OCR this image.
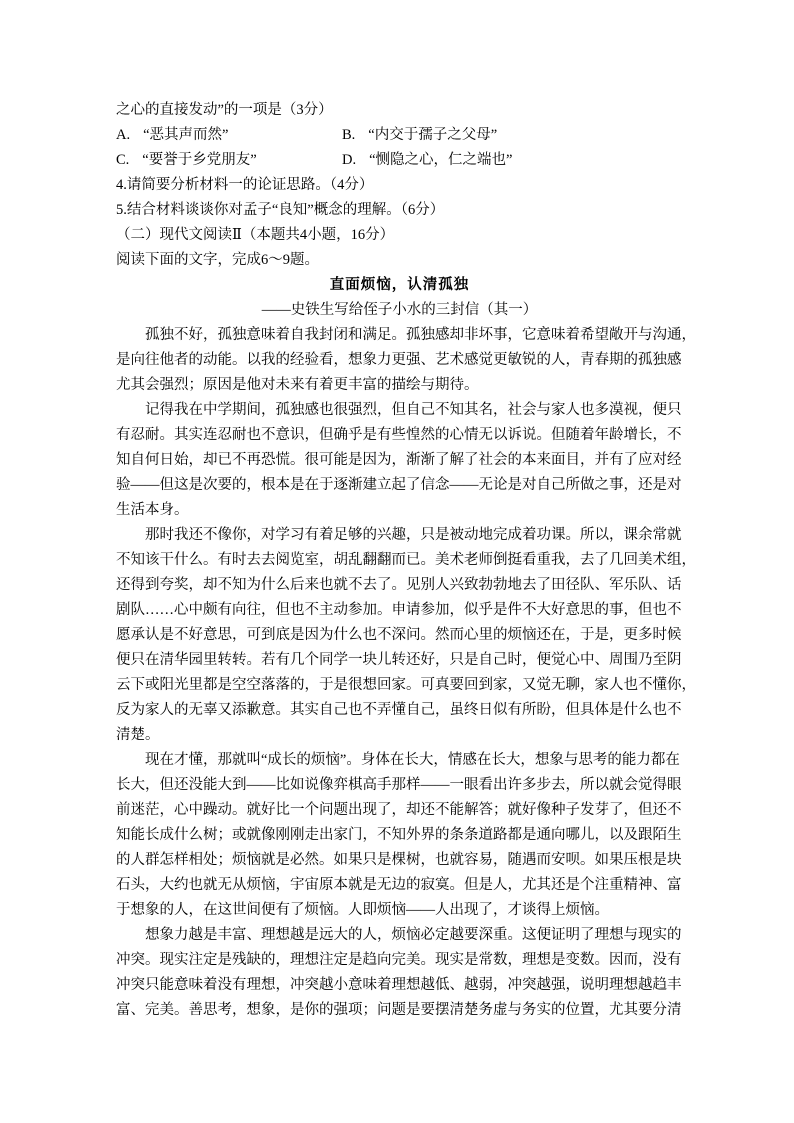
之心的直接发动”的一项是（3分）
A. “恶其声而然”	B. “内交于孺子之父母”
C. “要誉于乡党朋友”	D. “恻隐之心，仁之端也”
4.请简要分析材料一的论证思路。（4分）
5.结合材料谈谈你对孟子“良知”概念的理解。（6分）
（二）现代文阅读Ⅱ（本题共4小题，16分）
阅读下面的文字，完成6～9题。
直面烦恼，认清孤独
——史铁生写给侄子小水的三封信（其一）
孤独不好，孤独意味着自我封闭和满足。孤独感却非坏事，它意味着希望敞开与沟通，
是向往他者的动能。以我的经验看，想象力更强、艺术感觉更敏锐的人，青春期的孤独感
尤其会强烈；原因是他对未来有着更丰富的描绘与期待。
记得我在中学期间，孤独感也很强烈，但自己不知其名，社会与家人也多漠视，便只
有忍耐。其实连忍耐也不意识，但确乎是有些惶然的心情无以诉说。但随着年龄增长，不
知自何日始，却已不再恐慌。很可能是因为，渐渐了解了社会的本来面目，并有了应对经
验——但这是次要的，根本是在于逐渐建立起了信念——无论是对自己所做之事，还是对
生活本身。
那时我还不像你，对学习有着足够的兴趣，只是被动地完成着功课。所以，课余常就
不知该干什么。有时去去阅览室，胡乱翻翻而已。美术老师倒挺看重我，去了几回美术组，
还得到夸奖，却不知为什么后来也就不去了。见别人兴致勃勃地去了田径队、军乐队、话
剧队……心中颇有向往，但也不主动参加。申请参加，似乎是件不大好意思的事，但也不
愿承认是不好意思，可到底是因为什么也不深问。然而心里的烦恼还在，于是，更多时候
便只在清华园里转转。若有几个同学一块儿转还好，只是自己时，便觉心中、周围乃至阴
云下或阳光里都是空空落落的，于是很想回家。可真要回到家，又觉无聊，家人也不懂你，
反为家人的无辜又添歉意。其实自己也不弄懂自己，虽终日似有所盼，但具体是什么也不
清楚。
现在才懂，那就叫“成长的烦恼”。身体在长大，情感在长大，想象与思考的能力都在
长大，但还没能大到——比如说像弈棋高手那样——一眼看出许多步去，所以就会觉得眼
前迷茫，心中躁动。就好比一个问题出现了，却还不能解答；就好像种子发芽了，但还不
知能长成什么树；或就像刚刚走出家门，不知外界的条条道路都是通向哪儿，以及跟陌生
的人群怎样相处；烦恼就是必然。如果只是棵树，也就容易，随遇而安呗。如果压根是块
石头，大约也就无从烦恼，宇宙原本就是无边的寂寞。但是人，尤其还是个注重精神、富
于想象的人，在这世间便有了烦恼。人即烦恼——人出现了，才谈得上烦恼。
想象力越是丰富、理想越是远大的人，烦恼必定越要深重。这便证明了理想与现实的
冲突。现实注定是残缺的，理想注定是趋向完美。现实是常数，理想是变数。因而，没有
冲突只能意味着没有理想，冲突越小意味着理想越低、越弱，冲突越强，说明理想越趋丰
富、完美。善思考，想象，是你的强项；问题是要摆清楚务虚与务实的位置，尤其要分清
